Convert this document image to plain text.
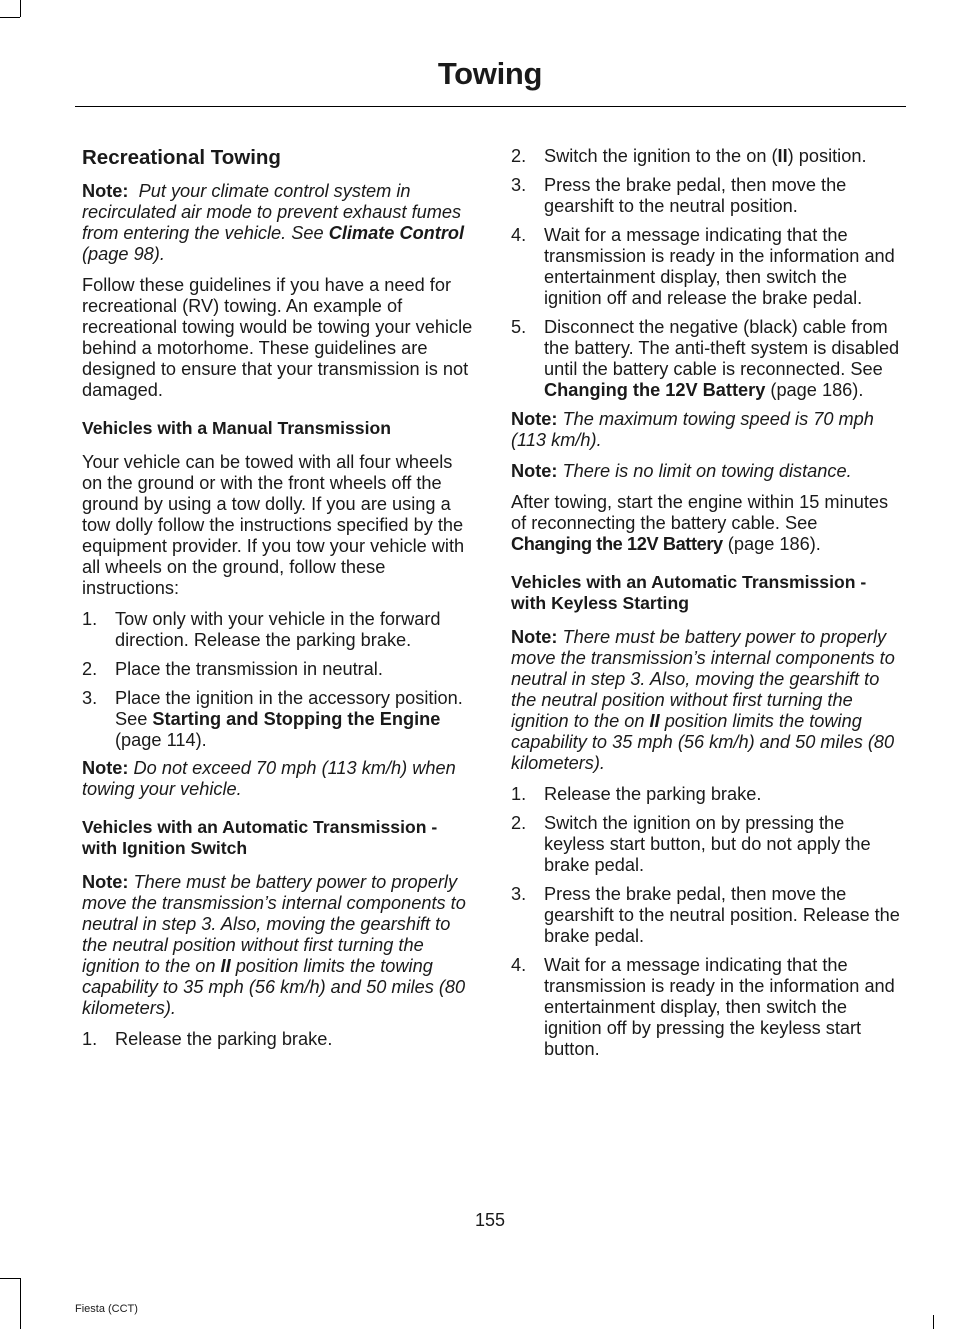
Towing
Recreational Towing

Note: Put your climate control system in recirculated air mode to prevent exhaust fumes from entering the vehicle. See Climate Control (page 98).

Follow these guidelines if you have a need for recreational (RV) towing. An example of recreational towing would be towing your vehicle behind a motorhome. These guidelines are designed to ensure that your transmission is not damaged.

Vehicles with a Manual Transmission

Your vehicle can be towed with all four wheels on the ground or with the front wheels off the ground by using a tow dolly. If you are using a tow dolly follow the instructions specified by the equipment provider. If you tow your vehicle with all wheels on the ground, follow these instructions:

1. Tow only with your vehicle in the forward direction. Release the parking brake.
2. Place the transmission in neutral.
3. Place the ignition in the accessory position. See Starting and Stopping the Engine (page 114).

Note: Do not exceed 70 mph (113 km/h) when towing your vehicle.

Vehicles with an Automatic Transmission - with Ignition Switch

Note: There must be battery power to properly move the transmission’s internal components to neutral in step 3. Also, moving the gearshift to the neutral position without first turning the ignition to the on II position limits the towing capability to 35 mph (56 km/h) and 50 miles (80 kilometers).

1. Release the parking brake.
2. Switch the ignition to the on (II) position.
3. Press the brake pedal, then move the gearshift to the neutral position.
4. Wait for a message indicating that the transmission is ready in the information and entertainment display, then switch the ignition off and release the brake pedal.
5. Disconnect the negative (black) cable from the battery. The anti-theft system is disabled until the battery cable is reconnected. See Changing the 12V Battery (page 186).

Note: The maximum towing speed is 70 mph (113 km/h).

Note: There is no limit on towing distance.

After towing, start the engine within 15 minutes of reconnecting the battery cable. See Changing the 12V Battery (page 186).

Vehicles with an Automatic Transmission - with Keyless Starting

Note: There must be battery power to properly move the transmission’s internal components to neutral in step 3. Also, moving the gearshift to the neutral position without first turning the ignition to the on II position limits the towing capability to 35 mph (56 km/h) and 50 miles (80 kilometers).

1. Release the parking brake.
2. Switch the ignition on by pressing the keyless start button, but do not apply the brake pedal.
3. Press the brake pedal, then move the gearshift to the neutral position. Release the brake pedal.
4. Wait for a message indicating that the transmission is ready in the information and entertainment display, then switch the ignition off by pressing the keyless start button.
155
Fiesta (CCT)
